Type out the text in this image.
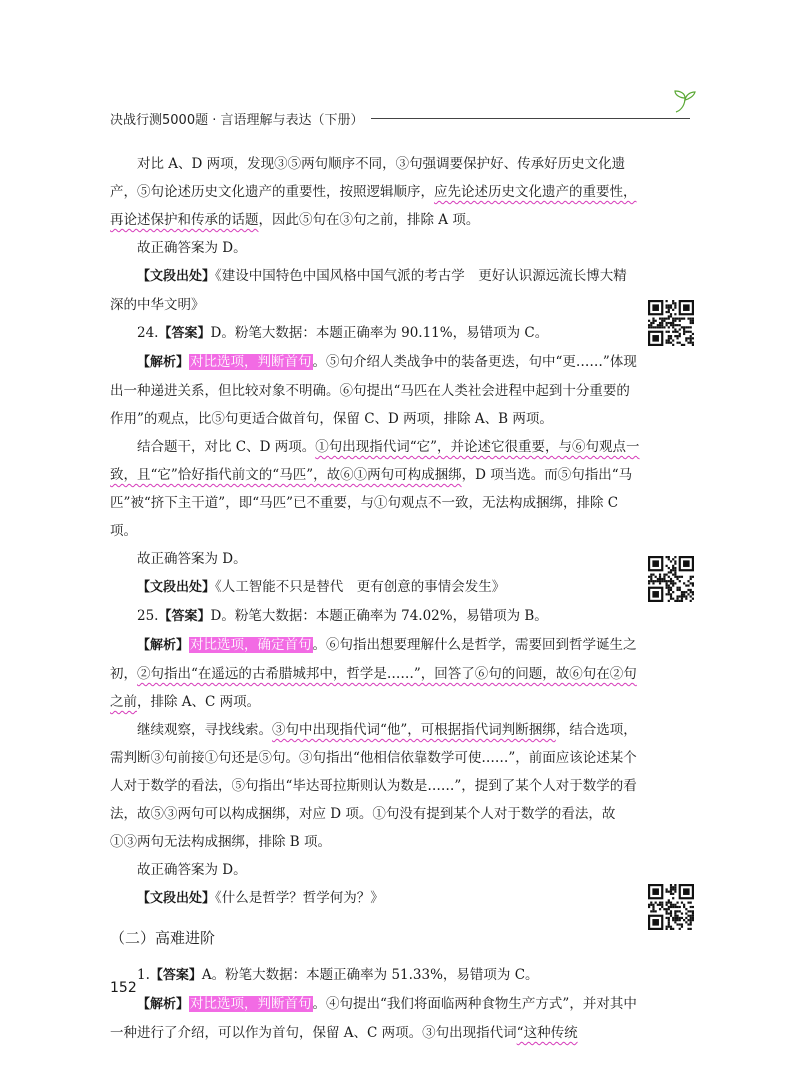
决战行测5000题 · 言语理解与表达（下册）

对比 A、D 两项，发现③⑤两句顺序不同，③句强调要保护好、传承好历史文化遗产，⑤句论述历史文化遗产的重要性，按照逻辑顺序，应先论述历史文化遗产的重要性，再论述保护和传承的话题，因此⑤句在③句之前，排除 A 项。

故正确答案为 D。

【文段出处】《建设中国特色中国风格中国气派的考古学　更好认识源远流长博大精深的中华文明》

24.【答案】D。粉笔大数据：本题正确率为 90.11%，易错项为 C。

【解析】对比选项，判断首句。⑤句介绍人类战争中的装备更迭，句中“更……”体现出一种递进关系，但比较对象不明确。⑥句提出“马匹在人类社会进程中起到十分重要的作用”的观点，比⑤句更适合做首句，保留 C、D 两项，排除 A、B 两项。

结合题干，对比 C、D 两项。①句出现指代词“它”，并论述它很重要，与⑥句观点一致，且“它”恰好指代前文的“马匹”，故⑥①两句可构成捆绑，D 项当选。而⑤句指出“马匹”被“挤下主干道”，即“马匹”已不重要，与①句观点不一致，无法构成捆绑，排除 C 项。

故正确答案为 D。

【文段出处】《人工智能不只是替代　更有创意的事情会发生》

25.【答案】D。粉笔大数据：本题正确率为 74.02%，易错项为 B。

【解析】对比选项，确定首句。⑥句指出想要理解什么是哲学，需要回到哲学诞生之初，②句指出“在遥远的古希腊城邦中，哲学是……”，回答了⑥句的问题，故⑥句在②句之前，排除 A、C 两项。

继续观察，寻找线索。③句中出现指代词“他”，可根据指代词判断捆绑，结合选项，需判断③句前接①句还是⑤句。③句指出“他相信依靠数学可使……”，前面应该论述某个人对于数学的看法，⑤句指出“毕达哥拉斯则认为数是……”，提到了某个人对于数学的看法，故⑤③两句可以构成捆绑，对应 D 项。①句没有提到某个人对于数学的看法，故①③两句无法构成捆绑，排除 B 项。

故正确答案为 D。

【文段出处】《什么是哲学？哲学何为？》

（二）高难进阶

1.【答案】A。粉笔大数据：本题正确率为 51.33%，易错项为 C。

【解析】对比选项，判断首句。④句提出“我们将面临两种食物生产方式”，并对其中一种进行了介绍，可以作为首句，保留 A、C 两项。③句出现指代词“这种传统

152
